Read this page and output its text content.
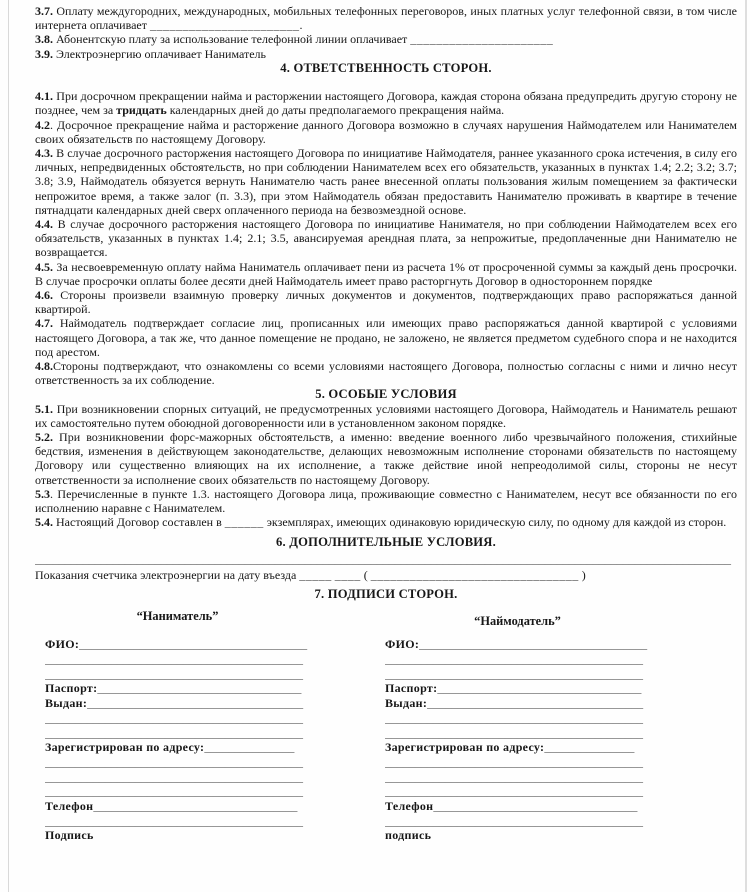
3.7. Оплату междугородних, международных, мобильных телефонных переговоров, иных платных услуг телефонной связи, в том числе интернета оплачивает _______________________.

3.8. Абонентскую плату за использование телефонной линии оплачивает ______________________

3.9. Электроэнергию оплачивает Наниматель

4. ОТВЕТСТВЕННОСТЬ СТОРОН.

4.1. При досрочном прекращении найма и расторжении настоящего Договора, каждая сторона обязана предупредить другую сторону не позднее, чем за тридцать календарных дней до даты предполагаемого прекращения найма.

4.2. Досрочное прекращение найма и расторжение данного Договора возможно в случаях нарушения Наймодателем или Нанимателем своих обязательств по настоящему Договору.

4.3. В случае досрочного расторжения настоящего Договора по инициативе Наймодателя, раннее указанного срока истечения, в силу его личных, непредвиденных обстоятельств, но при соблюдении Нанимателем всех его обязательств, указанных в пунктах 1.4; 2.2; 3.2; 3.7; 3.8; 3.9, Наймодатель обязуется вернуть Нанимателю часть ранее внесенной оплаты пользования жилым помещением за фактически непрожитое время, а также залог (п. 3.3), при этом Наймодатель обязан предоставить Нанимателю проживать в квартире в течение пятнадцати календарных дней сверх оплаченного периода на безвозмездной основе.

4.4. В случае досрочного расторжения настоящего Договора по инициативе Нанимателя, но при соблюдении Наймодателем всех его обязательств, указанных в пунктах 1.4; 2.1; 3.5, авансируемая арендная плата, за непрожитые, предоплаченные дни Нанимателю не возвращается.

4.5. За несвоевременную оплату найма Наниматель оплачивает пени из расчета 1% от просроченной суммы за каждый день просрочки. В случае просрочки оплаты более десяти дней Наймодатель имеет право расторгнуть Договор в одностороннем порядке

4.6. Стороны произвели взаимную проверку личных документов и документов, подтверждающих право распоряжаться данной квартирой.

4.7. Наймодатель подтверждает согласие лиц, прописанных или имеющих право распоряжаться данной квартирой с условиями настоящего Договора, а так же, что данное помещение не продано, не заложено, не является предметом судебного спора и не находится под арестом.

4.8.Стороны подтверждают, что ознакомлены со всеми условиями настоящего Договора, полностью согласны с ними и лично несут ответственность за их соблюдение.

5. ОСОБЫЕ УСЛОВИЯ

5.1. При возникновении спорных ситуаций, не предусмотренных условиями настоящего Договора, Наймодатель и Наниматель решают их самостоятельно путем обоюдной договоренности или в установленном законом порядке.

5.2. При возникновении форс-мажорных обстоятельств, а именно: введение военного либо чрезвычайного положения, стихийные бедствия, изменения в действующем законодательстве, делающих невозможным исполнение сторонами обязательств по настоящему Договору или существенно влияющих на их исполнение, а также действие иной непреодолимой силы, стороны не несут ответственности за исполнение своих обязательств по настоящему Договору.

5.3. Перечисленные в пункте 1.3. настоящего Договора лица, проживающие совместно с Нанимателем, несут все обязанности по его исполнению наравне с Нанимателем.

5.4. Настоящий Договор составлен в ______ экземплярах, имеющих одинаковую юридическую силу, по одному для каждой из сторон.

6. ДОПОЛНИТЕЛЬНЫЕ УСЛОВИЯ.
____________________________________________________________________________________________________________________

Показания счетчика электроэнергии на дату въезда _____ ____ ( ________________________________ )

7. ПОДПИСИ СТОРОН.
“Наниматель”	“Наймодатель”
ФИО:______________________________________
___________________________________________
___________________________________________
Паспорт:__________________________________
Выдан:____________________________________
___________________________________________
___________________________________________
Зарегистрирован по адресу:_______________
___________________________________________
___________________________________________
___________________________________________
Телефон__________________________________
___________________________________________
Подпись
ФИО:______________________________________
___________________________________________
___________________________________________
Паспорт:__________________________________
Выдан:____________________________________
___________________________________________
___________________________________________
Зарегистрирован по адресу:_______________
___________________________________________
___________________________________________
___________________________________________
Телефон__________________________________
___________________________________________
подпись
